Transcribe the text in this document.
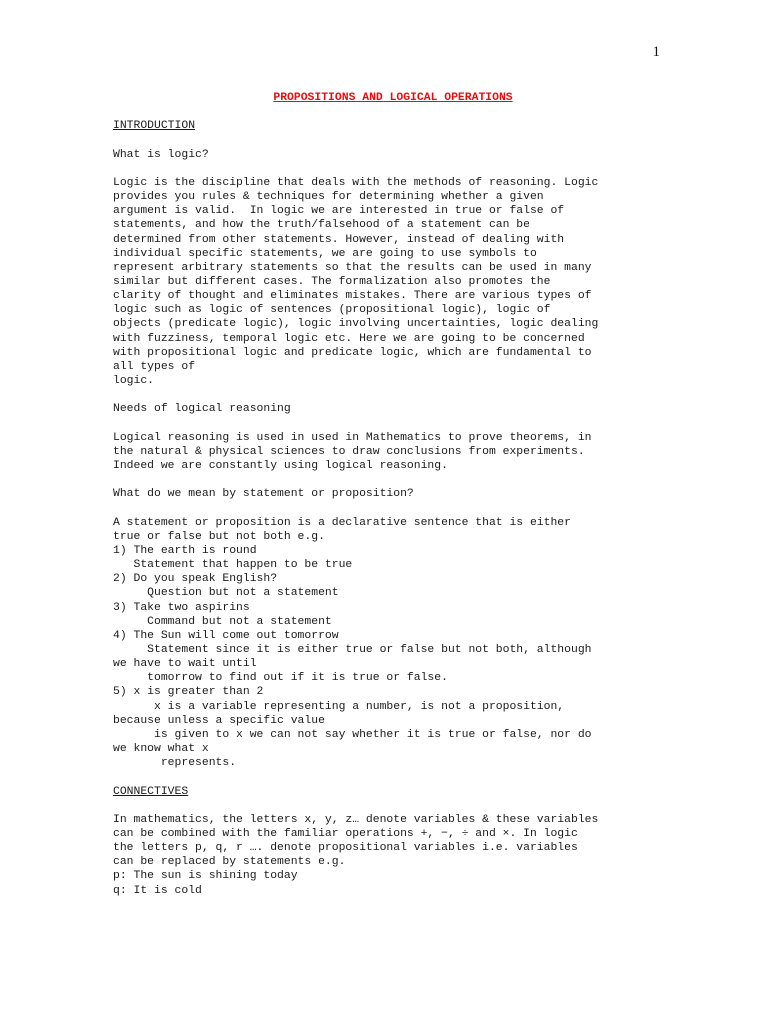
1
PROPOSITIONS AND LOGICAL OPERATIONS
INTRODUCTION
What is logic?
Logic is the discipline that deals with the methods of reasoning. Logic
provides you rules & techniques for determining whether a given
argument is valid.  In logic we are interested in true or false of
statements, and how the truth/falsehood of a statement can be
determined from other statements. However, instead of dealing with
individual specific statements, we are going to use symbols to
represent arbitrary statements so that the results can be used in many
similar but different cases. The formalization also promotes the
clarity of thought and eliminates mistakes. There are various types of
logic such as logic of sentences (propositional logic), logic of
objects (predicate logic), logic involving uncertainties, logic dealing
with fuzziness, temporal logic etc. Here we are going to be concerned
with propositional logic and predicate logic, which are fundamental to
all types of
logic.
Needs of logical reasoning
Logical reasoning is used in used in Mathematics to prove theorems, in
the natural & physical sciences to draw conclusions from experiments.
Indeed we are constantly using logical reasoning.
What do we mean by statement or proposition?
A statement or proposition is a declarative sentence that is either
true or false but not both e.g.
1) The earth is round
Statement that happen to be true
2) Do you speak English?
Question but not a statement
3) Take two aspirins
Command but not a statement
4) The Sun will come out tomorrow
Statement since it is either true or false but not both, although
we have to wait until
tomorrow to find out if it is true or false.
5) x is greater than 2
x is a variable representing a number, is not a proposition,
because unless a specific value
is given to x we can not say whether it is true or false, nor do
we know what x
represents.
CONNECTIVES
In mathematics, the letters x, y, z… denote variables & these variables
can be combined with the familiar operations +, −, ÷ and ×. In logic
the letters p, q, r …. denote propositional variables i.e. variables
can be replaced by statements e.g.
p: The sun is shining today
q: It is cold
